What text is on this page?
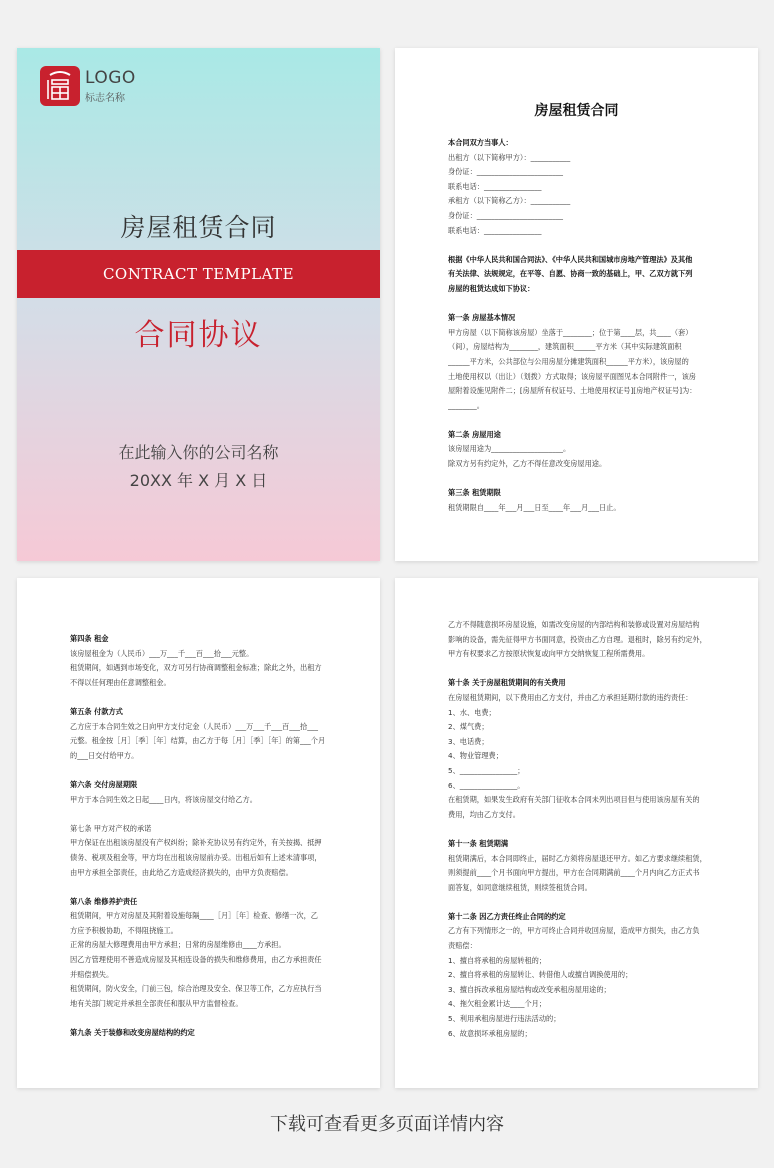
LOGO
标志名称
房屋租赁合同
CONTRACT TEMPLATE
合同协议
在此输入你的公司名称
20XX 年 X 月 X 日
房屋租赁合同
本合同双方当事人：
出租方（以下简称甲方）：___________
身份证：________________________
联系电话：________________
承租方（以下简称乙方）：___________
身份证：________________________
联系电话：________________
根据《中华人民共和国合同法》、《中华人民共和国城市房地产管理法》及其他
有关法律、法规规定，在平等、自愿、协商一致的基础上，甲、乙双方就下列
房屋的租赁达成如下协议：
第一条 房屋基本情况
甲方房屋（以下简称该房屋）坐落于________；位于第____层，共____（套）
（间），房屋结构为________，建筑面积______平方米（其中实际建筑面积
______平方米，公共部位与公用房屋分摊建筑面积______平方米），该房屋的
土地使用权以（出让）（划拨）方式取得；该房屋平面图见本合同附件一，该房
屋附着设施见附件二；[房屋所有权证号、土地使用权证号][房地产权证号]为：
________。
第二条 房屋用途
该房屋用途为____________________。
除双方另有约定外，乙方不得任意改变房屋用途。
第三条 租赁期限
租赁期限自____年___月___日至____年___月___日止。
第四条 租金
该房屋租金为（人民币）___万___千___百___拾___元整。
租赁期间，如遇到市场变化，双方可另行协商调整租金标准；除此之外，出租方
不得以任何理由任意调整租金。
第五条 付款方式
乙方应于本合同生效之日向甲方支付定金（人民币）___万___千___百___拾___
元整。租金按［月］［季］［年］结算，由乙方于每［月］［季］［年］的第___个月
的___日交付给甲方。
第六条 交付房屋期限
甲方于本合同生效之日起____日内，将该房屋交付给乙方。
第七条 甲方对产权的承诺
甲方保证在出租该房屋没有产权纠纷；除补充协议另有约定外，有关按揭、抵押
债务、税项及租金等，甲方均在出租该房屋前办妥。出租后如有上述未清事项，
由甲方承担全部责任，由此给乙方造成经济损失的，由甲方负责赔偿。
第八条 维修养护责任
租赁期间，甲方对房屋及其附着设施每隔____［月］［年］检查、修缮一次，乙
方应予积极协助，不得阻挠施工。
正常的房屋大修理费用由甲方承担；日常的房屋维修由____方承担。
因乙方管理使用不善造成房屋及其相连设备的损失和维修费用，由乙方承担责任
并赔偿损失。
租赁期间，防火安全，门前三包，综合治理及安全、保卫等工作，乙方应执行当
地有关部门规定并承担全部责任和服从甲方监督检查。
第九条 关于装修和改变房屋结构的约定
乙方不得随意损坏房屋设施，如需改变房屋的内部结构和装修或设置对房屋结构
影响的设备，需先征得甲方书面同意，投资由乙方自理。退租时，除另有约定外，
甲方有权要求乙方按原状恢复或向甲方交纳恢复工程所需费用。
第十条 关于房屋租赁期间的有关费用
在房屋租赁期间，以下费用由乙方支付，并由乙方承担延期付款的违约责任：
1、水、电费；
2、煤气费；
3、电话费；
4、物业管理费；
5、________________；
6、________________。
在租赁期，如果发生政府有关部门征收本合同未列出项目但与使用该房屋有关的
费用，均由乙方支付。
第十一条 租赁期满
租赁期满后，本合同即终止，届时乙方须将房屋退还甲方。如乙方要求继续租赁，
则须提前____个月书面向甲方提出，甲方在合同期满前____个月内向乙方正式书
面答复，如同意继续租赁，则续签租赁合同。
第十二条 因乙方责任终止合同的约定
乙方有下列情形之一的，甲方可终止合同并收回房屋，造成甲方损失，由乙方负
责赔偿：
1、擅自将承租的房屋转租的；
2、擅自将承租的房屋转让、转借他人或擅自调换使用的；
3、擅自拆改承租房屋结构或改变承租房屋用途的；
4、拖欠租金累计达____个月；
5、利用承租房屋进行违法活动的；
6、故意损坏承租房屋的；
下载可查看更多页面详情内容
